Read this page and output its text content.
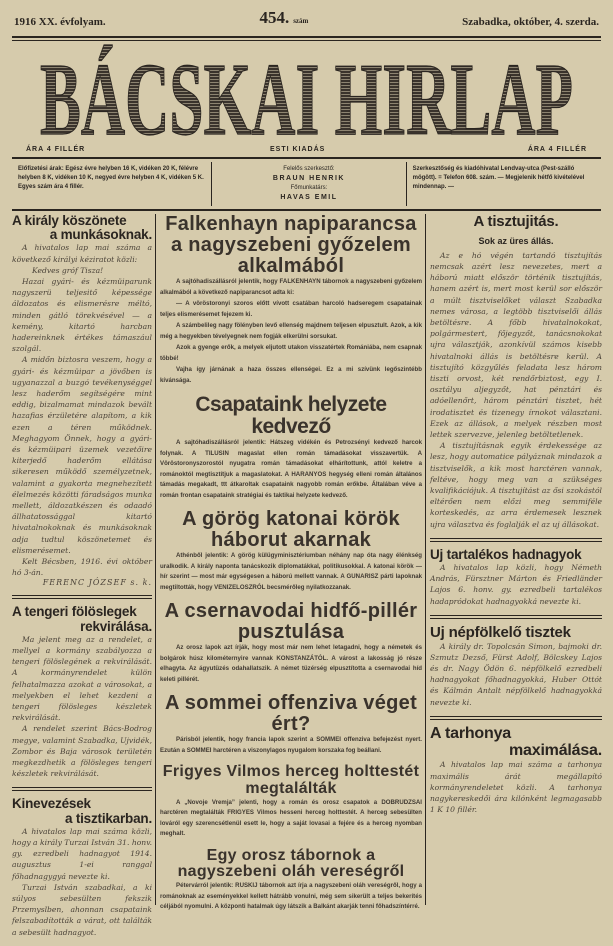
1916 XX. évfolyam.	454. szám	Szabadka, október, 4. szerda.
BÁCSKAI HIRLAP
ÁRA 4 FILLÉR	ESTI KIADÁS	ÁRA 4 FILLÉR
Előfizetési árak: Egész évre helyben 16 K, vidéken 20 K, félévre helyben 8 K, vidéken 10 K, negyed évre helyben 4 K, vidéken 5 K. Egyes szám ára 4 fillér.
Felelős szerkesztő:
BRAUN HENRIK
Főmunkatárs:
HAVAS EMIL
Szerkesztőség és kiadóhivatal Lendvay-utca (Pest-szálló mögött). = Telefon 608. szám. — Megjelenik hétfő kivételével mindennap. —
A király köszönete
a munkásoknak.

A hivatalos lap mai száma a következő királyi kéziratot közli:

Kedves gróf Tisza!

Hazai gyári- és kézmüiparunk nagyszerü teljesitő képessége áldozatos és elismerésre méltó, minden gátló törekvésével — a kemény, kitartó harcban hadereinknek értékes támaszául szolgál.

A midőn biztosra veszem, hogy a gyári- és kézmüipar a jövőben is ugyanazzal a buzgó tevékenységgel lesz haderőm segítségére mint eddig, bizalmamat mindazok bevált hazafias érzületére alapítom, a kik ezen a téren működnek. Meghagyom Önnek, hogy a gyári- és kézmüipari üzemek vezetőire kiterjedő haderőm ellátása sikeresen működő személyzetnek, valamint a gyakorta megnehezített élelmezés közötti fáradságos munka mellett, áldozatkészen és odaadó állhatatossággal kitartó hivatalnokoknak és munkásoknak adja tudtul köszönetemet és elismerésemet.

Kelt Bécsben, 1916. évi október hó 3-án.

FERENC JÓZSEF s. k.
A tengeri fölöslegek
rekvirálása.

Ma jelent meg az a rendelet, a mellyel a kormány szabályozza a tengeri fölöslegének a rekvirálását. A kormányrendelet külön felhatalmazza azokat a városokat, a melyekben el lehet kezdeni a tengeri fölösleges készletek rekvirálását.

A rendelet szerint Bács-Bodrog megye, valamint Szabadka, Ujvidék, Zombor és Baja városok területén megkezdhetik a fölösleges tengeri készletek rekvirálását.

Kinevezések
a tisztikarban.

A hivatalos lap mai száma közli, hogy a király Turzai István 31. honv. gy. ezredbeli hadnagyot 1914. augusztus 1-ei ranggal főhadnagygyá nevezte ki.

Turzai István szabadkai, a ki súlyos sebesülten fekszik Przemyslben, ahonnan csapataink felszabadították a várat, ott találták a sebesült hadnagyot.

Falkenhayn napiparancsa a nagyszebeni győzelem alkalmából

A sajtóhadiszállásról jelentik, hogy FALKENHAYN tábornok a nagyszebeni győzelem alkalmából a következő napiparancsot adta ki:

— A vöröstoronyi szoros előtt vívott csatában harcoló hadseregem csapatainak teljes elismerésemet fejezem ki.

A számbelileg nagy fölényben levő ellenség majdnem teljesen elpusztult. Azok, a kik még a hegyekben tévelyegnek nem fogják elkerülni sorsukat.

Azok a gyenge erők, a melyek eljutott utakon visszatértek Romániába, nem csapnak többé!

Vajha így járnának a haza összes ellenségei. Ez a mi szívünk legőszintébb kívánsága.

Csapataink helyzete kedvező

A sajtóhadiszállásról jelentik: Hátszeg vidékén és Petrozsényi kedvező harcok folynak. A TILUSIN magaslat ellen román támadásokat visszavertük. A Vöröstoronyszorostól nyugatra román támadásokat elhárítottunk, attól keletre a románoktól megtisztítjuk a magaslatokat. A HARANYOS hegység elleni román általános támadás megakadt, ttt átkaroltak csapataink nagyobb román erőkbe. Általában véve a román frontan csapataink stratégiai és taktikai helyzete kedvező.

A görög katonai körök háborut akarnak

Athénből jelentik: A görög külügyminisztériumban néhány nap óta nagy élénkség uralkodik. A király naponta tanácskozik diplomatákkal, politikusokkal. A katonai körök — hír szerint — most már egységesen a háború mellett vannak. A GUNARISZ párti lapoknak megtiltották, hogy VENIZELOSZRÓL becsmérőleg nyilatkozzanak.

A csernavodai hidfő-pillér pusztulása

Az orosz lapok azt írják, hogy most már nem lehet letagadni, hogy a németek és bolgárok húsz kilométernyire vannak KONSTANZÁTÓL. A várost a lakosság jó része elhagyta. Az ágyutüzés odahallatszik. A német tüzérség elpusztította a csernavodai híd keleti pillérét.

A sommei offenziva véget ért?

Párisból jelentik, hogy francia lapok szerint a SOMMEI offenziva befejezést nyert. Ezután a SOMMEI harctéren a viszonylagos nyugalom korszaka fog beállani.

Frigyes Vilmos herceg holttestét megtalálták

A „Novoje Vremja” jelenti, hogy a román és orosz csapatok a DOBRUDZSAI harctéren megtalálták FRIGYES Vilmos hesseni herceg holttestét. A herceg sebesülten lováról egy szerencsétlenül esett le, hogy a saját lovasai a fejére és a herceg nyomban meghalt.

Egy orosz tábornok a nagyszebeni oláh vereségről

Pétervárról jelentik: RUSKIJ tábornok azt írja a nagyszebeni oláh vereségről, hogy a románoknak az eseményekkel kellett hátrább vonulni, még sem sikerült a teljes bekerítés céljából nyomulni. A központi hatalmak úgy látszik a Balkánt akarják tenni főhadszíntérré.

A tisztujitás.
Sok az üres állás.

Az e hó végén tartandó tisztujítás nemcsak azért lesz nevezetes, mert a háború miatt először történik tisztujítás, hanem azért is, mert most kerül sor először a múlt tisztviselőket választ Szabadka nemes városa, a legtöbb tisztviselői állás betöltésre. A főbb hivatalnokokat, polgármestert, főjegyzőt, tanácsnokokat ujra választják, azonkívül számos kisebb hivatalnoki állás is betöltésre kerül. A tisztujító közgyűlés feladata lesz három tiszti orvost, két rendőrbiztost, egy I. osztályu aljegyzőt, hat pénztári és adóellenőrt, három pénztári tisztet, hét irodatisztet és tizenegy írnokot választani. Ezek az állások, a melyek részben most lettek szervezve, jelenleg betöltetlenek.

A tisztujításnak egyik érdekessége az lesz, hogy automatice pályáznak mindazok a tisztviselők, a kik most harctéren vannak, feltéve, hogy meg van a szükséges kvalifikációjuk. A tisztujítást az ősi szokástól eltérően nem előzi meg semmiféle korteskedés, az arra érdemesek lesznek ujra választva és foglalják el az uj állásokat.

Uj tartalékos hadnagyok

A hivatalos lap közli, hogy Németh András, Fürsztner Márton és Friedländer Lajos 6. honv. gy. ezredbeli tartalékos hadapródokat hadnagyokká nevezte ki.

Uj népfölkelő tisztek

A király dr. Topolcsán Simon, bajmoki dr. Szmutz Dezső, Fürst Adolf, Bölcskey Lajos és dr. Nagy Ödön 6. népfölkelő ezredbeli hadnagyokat főhadnagyokká, Huber Ottót és Kálmán Antalt népfölkelő hadnagyokká nevezte ki.

A tarhonya
maximálása.

A hivatalos lap mai száma a tarhonya maximális árát megállapító kormányrendeletet közli. A tarhonya nagykereskedői ára kilónként legmagasabb 1 K 10 fillér.
